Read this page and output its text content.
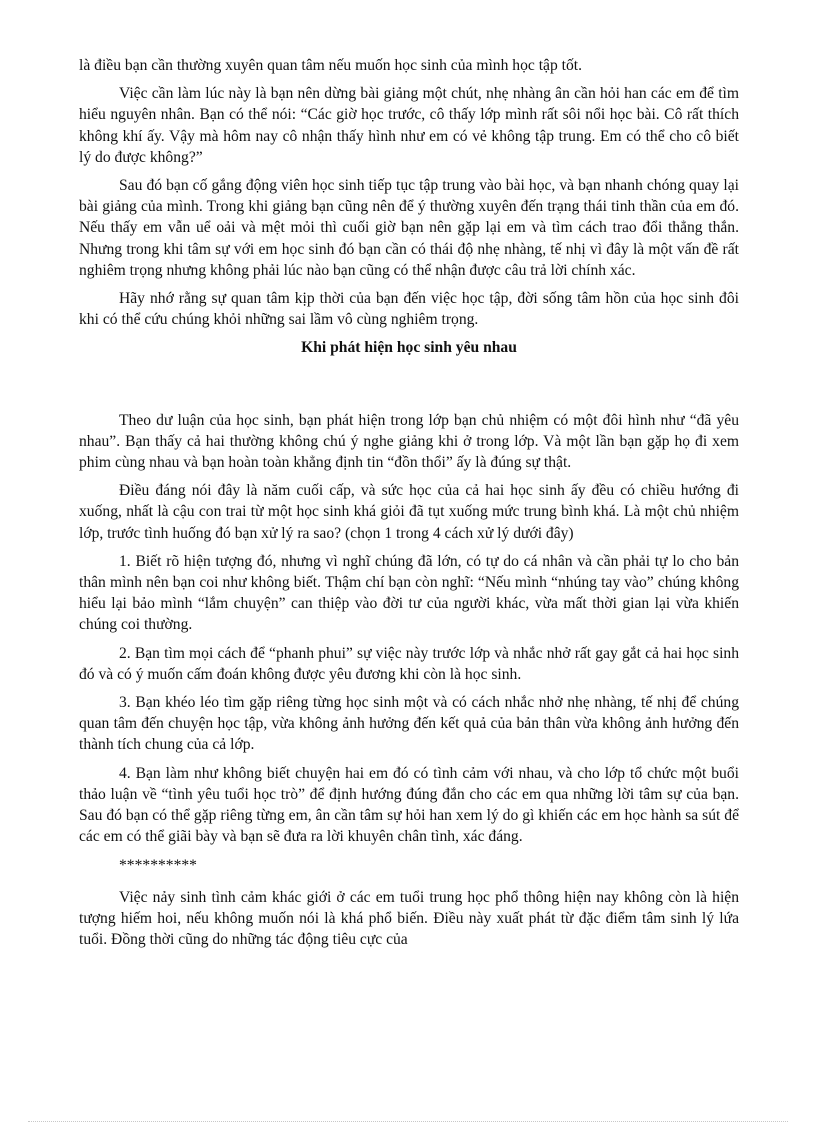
là điều bạn cần thường xuyên quan tâm nếu muốn học sinh của mình học tập tốt.

Việc cần làm lúc này là bạn nên dừng bài giảng một chút, nhẹ nhàng ân cần hỏi han các em để tìm hiểu nguyên nhân. Bạn có thể nói: “Các giờ học trước, cô thấy lớp mình rất sôi nổi học bài. Cô rất thích không khí ấy. Vậy mà hôm nay cô nhận thấy hình như em có vẻ không tập trung. Em có thể cho cô biết lý do được không?”

Sau đó bạn cố gắng động viên học sinh tiếp tục tập trung vào bài học, và bạn nhanh chóng quay lại bài giảng của mình. Trong khi giảng bạn cũng nên để ý thường xuyên đến trạng thái tinh thần của em đó. Nếu thấy em vẫn uể oải và mệt mỏi thì cuối giờ bạn nên gặp lại em và tìm cách trao đổi thẳng thắn. Nhưng trong khi tâm sự với em học sinh đó bạn cần có thái độ nhẹ nhàng, tế nhị vì đây là một vấn đề rất nghiêm trọng nhưng không phải lúc nào bạn cũng có thể nhận được câu trả lời chính xác.

Hãy nhớ rằng sự quan tâm kịp thời của bạn đến việc học tập, đời sống tâm hồn của học sinh đôi khi có thể cứu chúng khỏi những sai lầm vô cùng nghiêm trọng.

Khi phát hiện học sinh yêu nhau

Theo dư luận của học sinh, bạn phát hiện trong lớp bạn chủ nhiệm có một đôi hình như “đã yêu nhau”. Bạn thấy cả hai thường không chú ý nghe giảng khi ở trong lớp. Và một lần bạn gặp họ đi xem phim cùng nhau và bạn hoàn toàn khẳng định tin “đồn thổi” ấy là đúng sự thật.

Điều đáng nói đây là năm cuối cấp, và sức học của cả hai học sinh ấy đều có chiều hướng đi xuống, nhất là cậu con trai từ một học sinh khá giỏi đã tụt xuống mức trung bình khá. Là một chủ nhiệm lớp, trước tình huống đó bạn xử lý ra sao? (chọn 1 trong 4 cách xử lý dưới đây)

1. Biết rõ hiện tượng đó, nhưng vì nghĩ chúng đã lớn, có tự do cá nhân và cần phải tự lo cho bản thân mình nên bạn coi như không biết. Thậm chí bạn còn nghĩ: “Nếu mình “nhúng tay vào” chúng không hiểu lại bảo mình “lắm chuyện” can thiệp vào đời tư của người khác, vừa mất thời gian lại vừa khiến chúng coi thường.

2. Bạn tìm mọi cách để “phanh phui” sự việc này trước lớp và nhắc nhở rất gay gắt cả hai học sinh đó và có ý muốn cấm đoán không được yêu đương khi còn là học sinh.

3. Bạn khéo léo tìm gặp riêng từng học sinh một và có cách nhắc nhở nhẹ nhàng, tế nhị để chúng quan tâm đến chuyện học tập, vừa không ảnh hưởng đến kết quả của bản thân vừa không ảnh hưởng đến thành tích chung của cả lớp.

4. Bạn làm như không biết chuyện hai em đó có tình cảm với nhau, và cho lớp tổ chức một buổi thảo luận về “tình yêu tuổi học trò” để định hướng đúng đắn cho các em qua những lời tâm sự của bạn. Sau đó bạn có thể gặp riêng từng em, ân cần tâm sự hỏi han xem lý do gì khiến các em học hành sa sút để các em có thể giãi bày và bạn sẽ đưa ra lời khuyên chân tình, xác đáng.

**********

Việc nảy sinh tình cảm khác giới ở các em tuổi trung học phổ thông hiện nay không còn là hiện tượng hiếm hoi, nếu không muốn nói là khá phổ biến. Điều này xuất phát từ đặc điểm tâm sinh lý lứa tuổi. Đồng thời cũng do những tác động tiêu cực của
